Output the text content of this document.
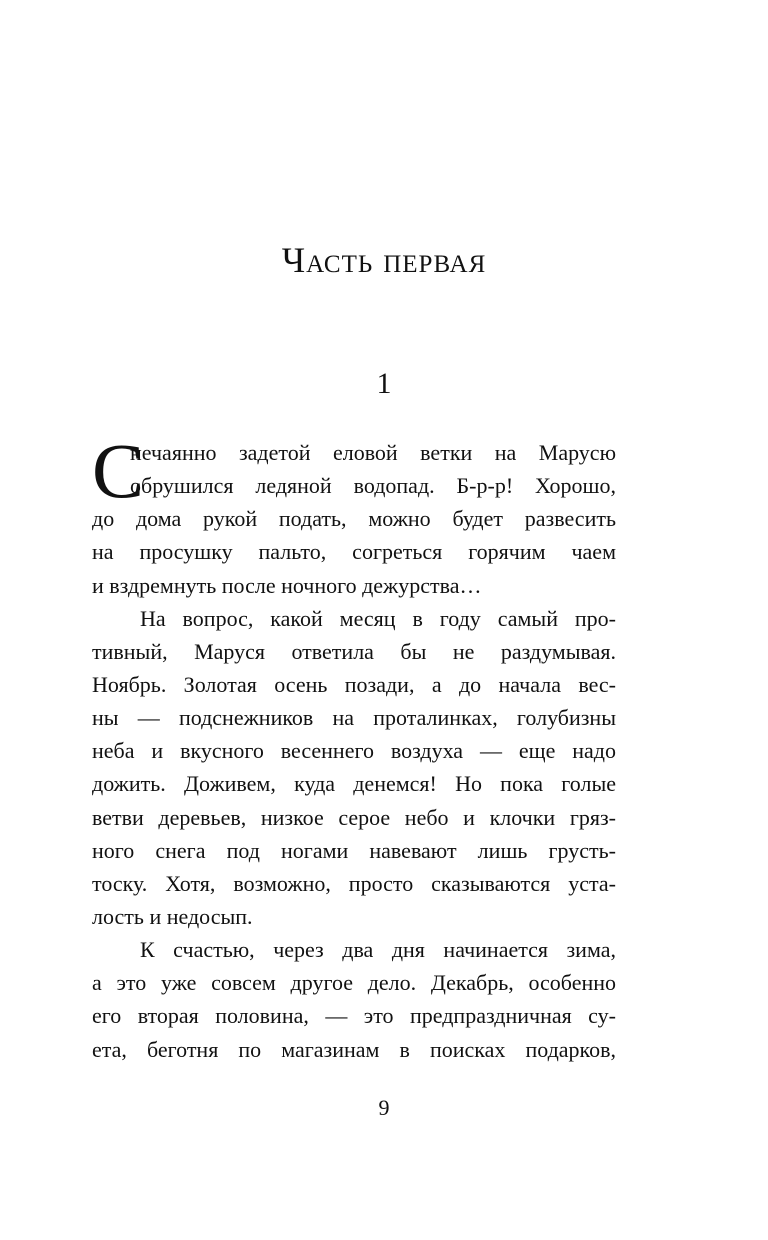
Часть первая
1
С
нечаянно задетой еловой ветки на Марусю
обрушился ледяной водопад. Б-р-р! Хорошо,
до дома рукой подать, можно будет развесить
на просушку пальто, согреться горячим чаем
и вздремнуть после ночного дежурства…
На вопрос, какой месяц в году самый про-
тивный, Маруся ответила бы не раздумывая.
Ноябрь. Золотая осень позади, а до начала вес-
ны — подснежников на проталинках, голубизны
неба и вкусного весеннего воздуха — еще надо
дожить. Доживем, куда денемся! Но пока голые
ветви деревьев, низкое серое небо и клочки гряз-
ного снега под ногами навевают лишь грусть-
тоску. Хотя, возможно, просто сказываются уста-
лость и недосып.
К счастью, через два дня начинается зима,
а это уже совсем другое дело. Декабрь, особенно
его вторая половина, — это предпраздничная су-
ета, беготня по магазинам в поисках подарков,
9
